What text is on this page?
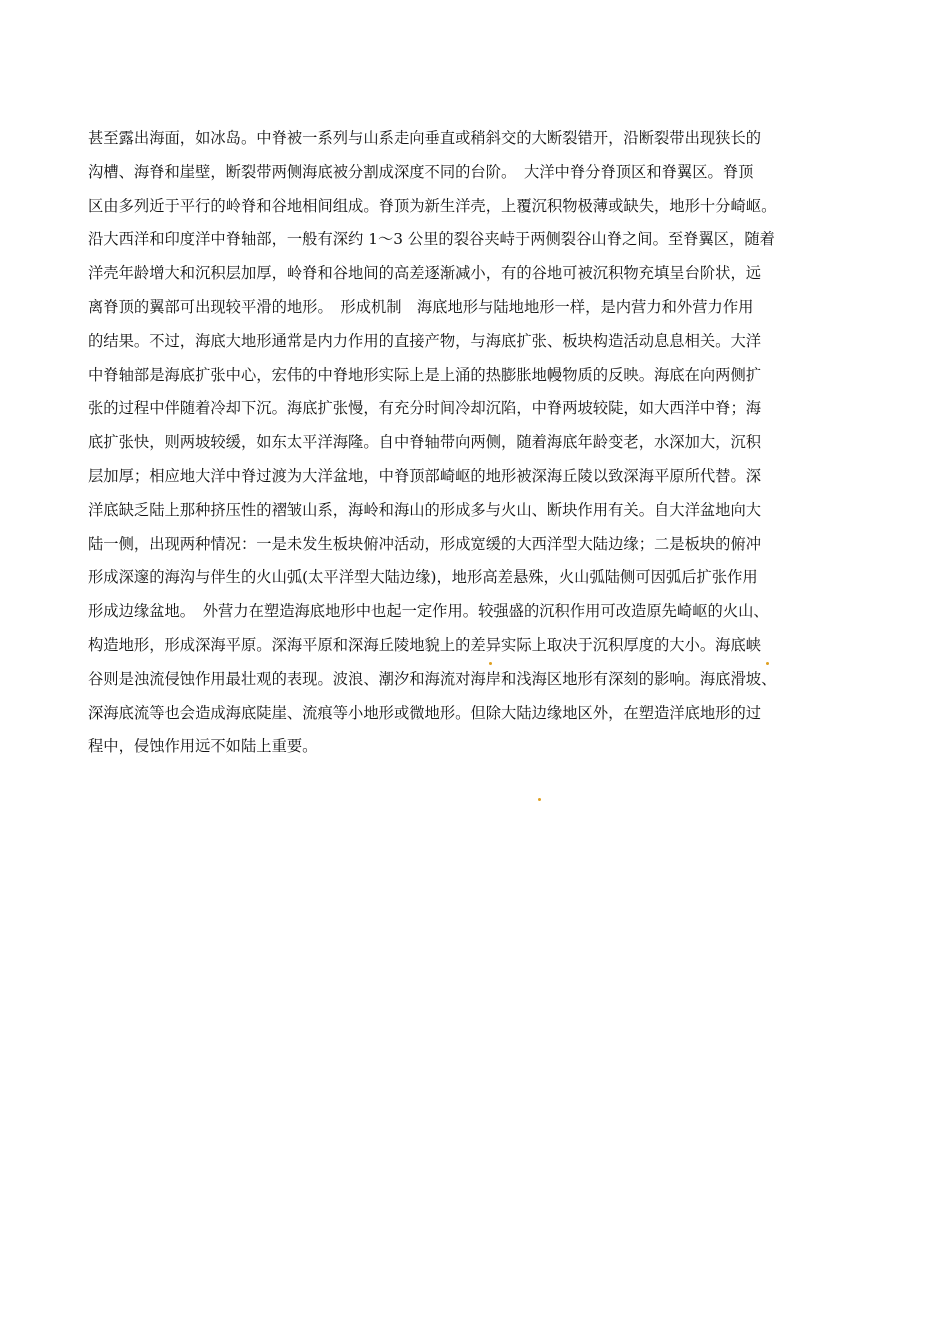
甚至露出海面，如冰岛。中脊被一系列与山系走向垂直或稍斜交的大断裂错开，沿断裂带出现狭长的
沟槽、海脊和崖壁，断裂带两侧海底被分割成深度不同的台阶。　大洋中脊分脊顶区和脊翼区。脊顶
区由多列近于平行的岭脊和谷地相间组成。脊顶为新生洋壳，上覆沉积物极薄或缺失，地形十分崎岖。
沿大西洋和印度洋中脊轴部，一般有深约 1～3 公里的裂谷夹峙于两侧裂谷山脊之间。至脊翼区，随着
洋壳年龄增大和沉积层加厚，岭脊和谷地间的高差逐渐减小，有的谷地可被沉积物充填呈台阶状，远
离脊顶的翼部可出现较平滑的地形。　形成机制　海底地形与陆地地形一样，是内营力和外营力作用
的结果。不过，海底大地形通常是内力作用的直接产物，与海底扩张、板块构造活动息息相关。大洋
中脊轴部是海底扩张中心，宏伟的中脊地形实际上是上涌的热膨胀地幔物质的反映。海底在向两侧扩
张的过程中伴随着冷却下沉。海底扩张慢，有充分时间冷却沉陷，中脊两坡较陡，如大西洋中脊；海
底扩张快，则两坡较缓，如东太平洋海隆。自中脊轴带向两侧，随着海底年龄变老，水深加大，沉积
层加厚；相应地大洋中脊过渡为大洋盆地，中脊顶部崎岖的地形被深海丘陵以致深海平原所代替。深
洋底缺乏陆上那种挤压性的褶皱山系，海岭和海山的形成多与火山、断块作用有关。自大洋盆地向大
陆一侧，出现两种情况：一是未发生板块俯冲活动，形成宽缓的大西洋型大陆边缘；二是板块的俯冲
形成深邃的海沟与伴生的火山弧(太平洋型大陆边缘)，地形高差悬殊，火山弧陆侧可因弧后扩张作用
形成边缘盆地。　外营力在塑造海底地形中也起一定作用。较强盛的沉积作用可改造原先崎岖的火山、
构造地形，形成深海平原。深海平原和深海丘陵地貌上的差异实际上取决于沉积厚度的大小。海底峡
谷则是浊流侵蚀作用最壮观的表现。波浪、潮汐和海流对海岸和浅海区地形有深刻的影响。海底滑坡、
深海底流等也会造成海底陡崖、流痕等小地形或微地形。但除大陆边缘地区外，在塑造洋底地形的过
程中，侵蚀作用远不如陆上重要。
